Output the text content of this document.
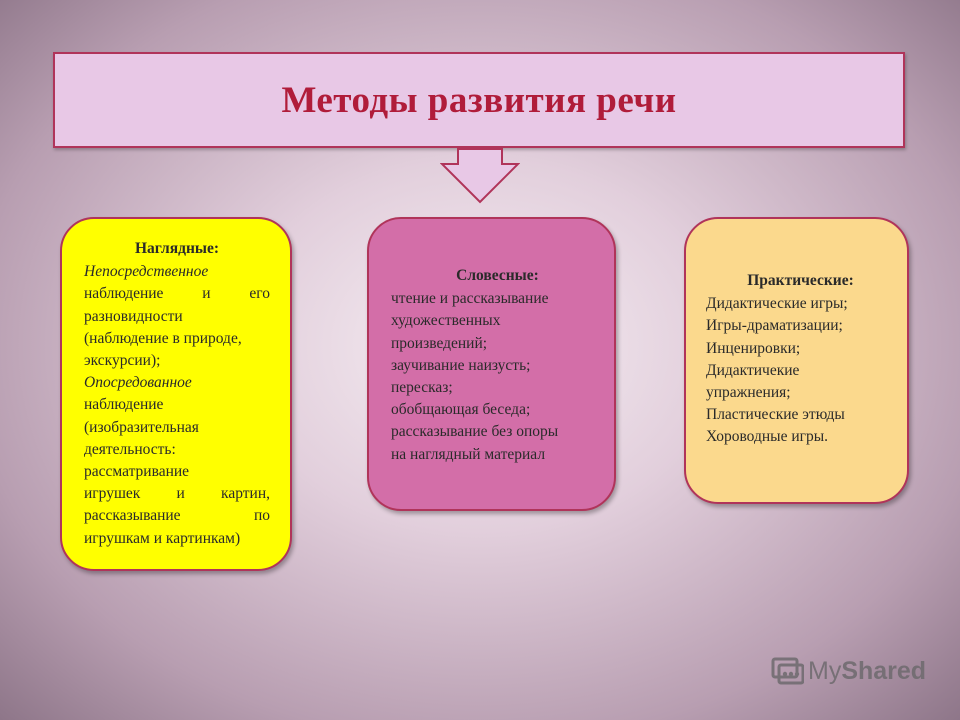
Методы развития речи
Наглядные:
Непосредственное
наблюдение и его
разновидности
(наблюдение в природе,
экскурсии);
Опосредованное
наблюдение
(изобразительная
деятельность:
рассматривание
игрушек и картин,
рассказывание по
игрушкам и картинкам)
Словесные:
чтение и рассказывание
художественных
произведений;
заучивание наизусть;
пересказ;
обобщающая беседа;
рассказывание без опоры
на наглядный материал
Практические:
Дидактические игры;
Игры-драматизации;
Инценировки;
Дидактичекие
упражнения;
Пластические этюды
Хороводные игры.
My Shared
